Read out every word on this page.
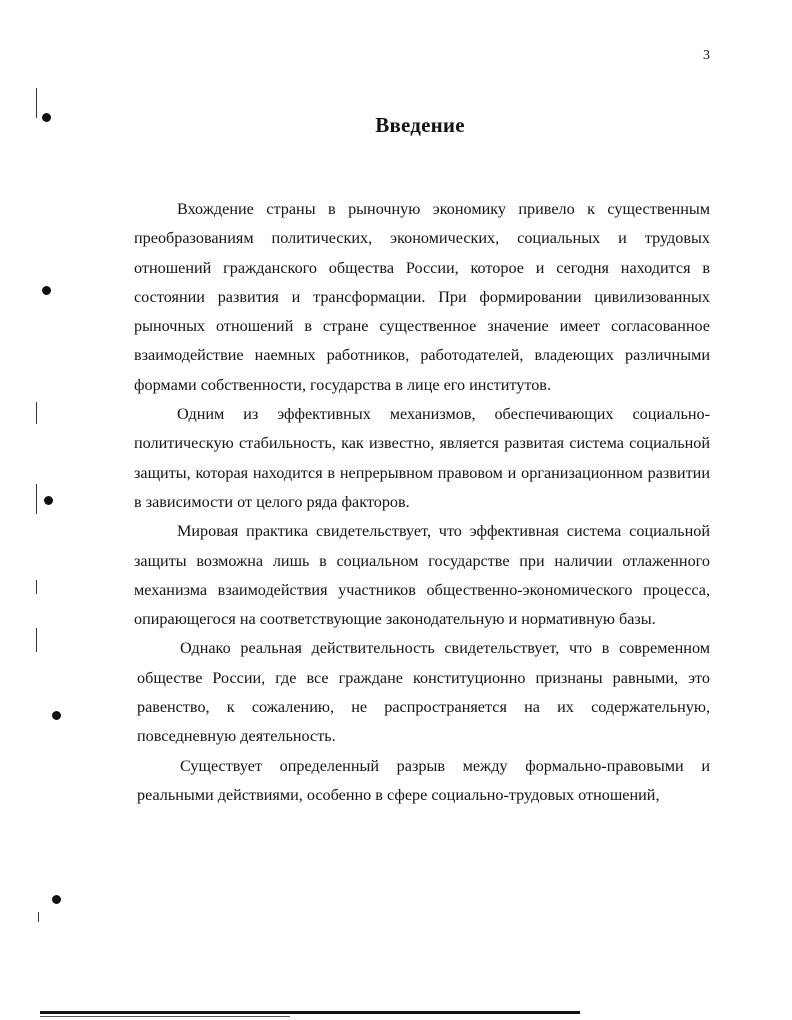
3
Введение

Вхождение страны в рыночную экономику привело к существенным преобразованиям политических, экономических, социальных и трудовых отношений гражданского общества России, которое и сегодня находится в состоянии развития и трансформации. При формировании цивилизованных рыночных отношений в стране существенное значение имеет согласованное взаимодействие наемных работников, работодателей, владеющих различными формами собственности, государства в лице его институтов.

Одним из эффективных механизмов, обеспечивающих социально-политическую стабильность, как известно, является развитая система социальной защиты, которая находится в непрерывном правовом и организационном развитии в зависимости от целого ряда факторов.

Мировая практика свидетельствует, что эффективная система социальной защиты возможна лишь в социальном государстве при наличии отлаженного механизма взаимодействия участников общественно-экономического процесса, опирающегося на соответствующие законодательную и нормативную базы.

Однако реальная действительность свидетельствует, что в современном обществе России, где все граждане конституционно признаны равными, это равенство, к сожалению, не распространяется на их содержательную, повседневную деятельность.

Существует определенный разрыв между формально-правовыми и реальными действиями, особенно в сфере социально-трудовых отношений,
